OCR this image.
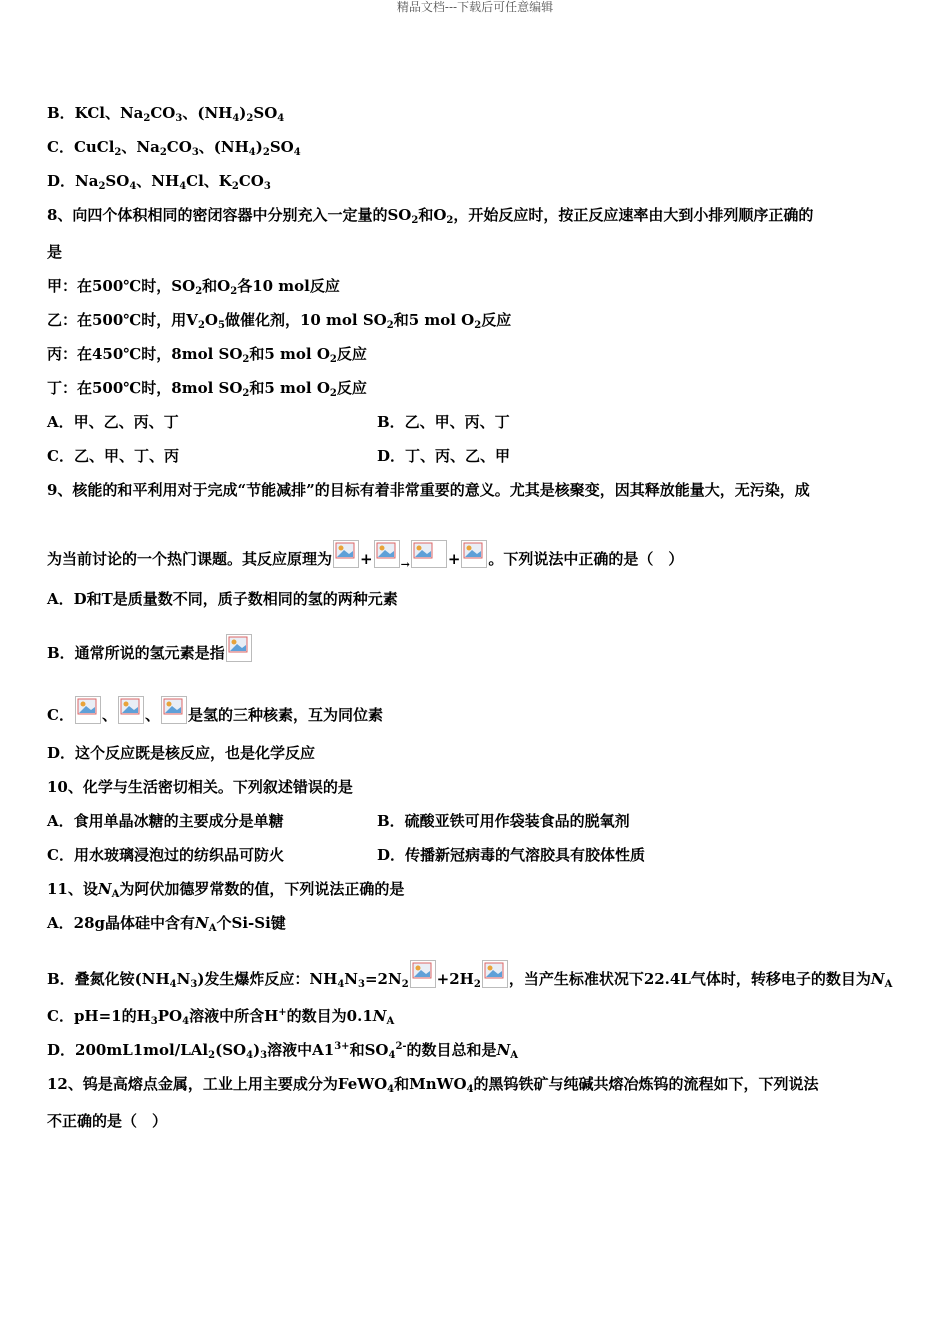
精品文档---下载后可任意编辑
B．KCl、$Na_2CO_3$、$(NH_4)_2SO_4$
C．CuCl$_2$、$Na_2CO_3$、$(NH_4)_2SO_4$
D．$Na_2SO_4$、$NH_4Cl$、$K_2CO_3$
8、向四个体积相同的密闭容器中分别充入一定量的$SO_2$和$O_2$，开始反应时，按正反应速率由大到小排列顺序正确的
是
甲：在500℃时，$SO_2$和$O_2$各10 mol反应
乙：在500℃时，用$V_2O_5$做催化剂，10 mol $SO_2$和5 mol $O_2$反应
丙：在450℃时，8mol $SO_2$和5 mol $O_2$反应
丁：在500℃时，8mol $SO_2$和5 mol $O_2$反应
A．甲、乙、丙、丁	B．乙、甲、丙、丁
C．乙、甲、丁、丙	D．丁、丙、乙、甲
9、核能的和平利用对于完成“节能减排”的目标有着非常重要的意义。尤其是核聚变，因其释放能量大，无污染，成
为当前讨论的一个热门课题。其反应原理为 +	$_\to$	+ 。下列说法中正确的是（　）
A．D和T是质量数不同，质子数相同的氢的两种元素
B．通常所说的氢元素是指
C． 、 、 是氢的三种核素，互为同位素
D．这个反应既是核反应，也是化学反应
10、化学与生活密切相关。下列叙述错误的是
A．食用单晶冰糖的主要成分是单糖	B．硫酸亚铁可用作袋装食品的脱氧剂
C．用水玻璃浸泡过的纺织品可防火	D．传播新冠病毒的气溶胶具有胶体性质
11、设$N_A$为阿伏加德罗常数的值，下列说法正确的是
A．28g晶体硅中含有$N_A$个Si-Si键
B．叠氮化铵$(NH_4N_3)$发生爆炸反应：$NH_4N_3=2N_2 +2H_2$ ，当产生标准状况下22.4L气体时，转移电子的数目为$N_A$
C．pH=1的$H_3PO_4$溶液中所含H+的数目为$0.1N_A$
D．$200mL1mol/LAl_2(SO_4)_3$溶液中$A1^{3+}$和$SO_4^{2-}$的数目总和是$N_A$
12、钨是高熔点金属，工业上用主要成分为FeWO$_4$和MnWO$_4$的黑钨铁矿与纯碱共熔冶炼钨的流程如下，下列说法
不正确的是（　）
